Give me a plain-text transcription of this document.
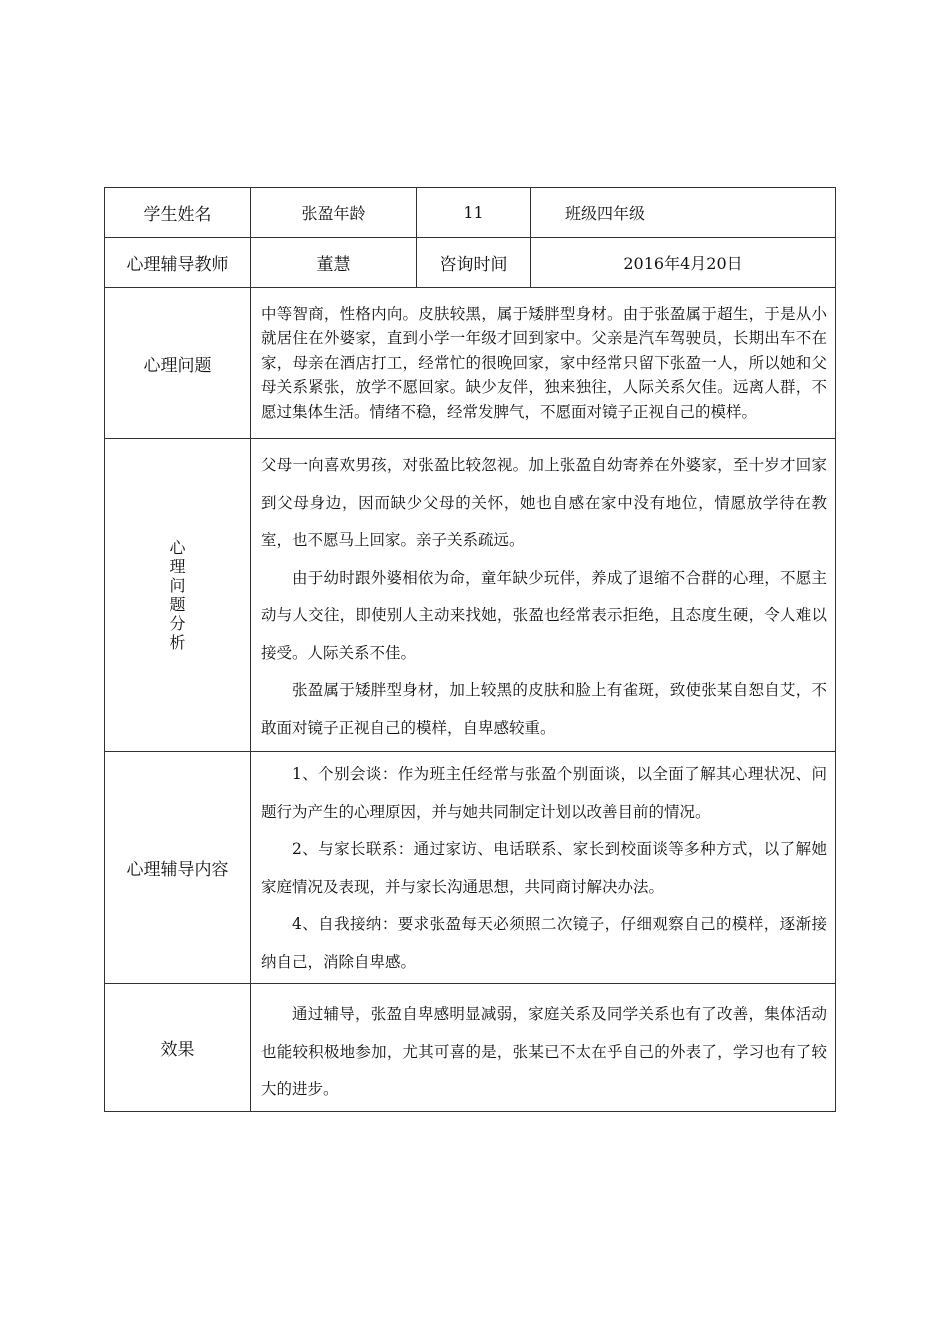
学生姓名	张盈年龄	11	班级四年级
心理辅导教师	董慧	咨询时间	2016年4月20日
心理问题	中等智商，性格内向。皮肤较黑，属于矮胖型身材。由于张盈属于超生，于是从小就居住在外婆家，直到小学一年级才回到家中。父亲是汽车驾驶员，长期出车不在家，母亲在酒店打工，经常忙的很晚回家，家中经常只留下张盈一人，所以她和父母关系紧张，放学不愿回家。缺少友伴，独来独往，人际关系欠佳。远离人群，不愿过集体生活。情绪不稳，经常发脾气，不愿面对镜子正视自己的模样。		
心理问题分析	父母一向喜欢男孩，对张盈比较忽视。加上张盈自幼寄养在外婆家，至十岁才回家到父母身边，因而缺少父母的关怀，她也自感在家中没有地位，情愿放学待在教室，也不愿马上回家。亲子关系疏远。

由于幼时跟外婆相依为命，童年缺少玩伴，养成了退缩不合群的心理，不愿主动与人交往，即使别人主动来找她，张盈也经常表示拒绝，且态度生硬，令人难以接受。人际关系不佳。

张盈属于矮胖型身材，加上较黑的皮肤和脸上有雀斑，致使张某自恕自艾，不敢面对镜子正视自己的模样，自卑感较重。		

心理辅导内容	1、个别会谈：作为班主任经常与张盈个别面谈，以全面了解其心理状况、问题行为产生的心理原因，并与她共同制定计划以改善目前的情况。

2、与家长联系：通过家访、电话联系、家长到校面谈等多种方式，以了解她家庭情况及表现，并与家长沟通思想，共同商讨解决办法。

4、自我接纳：要求张盈每天必须照二次镜子，仔细观察自己的模样，逐渐接纳自己，消除自卑感。		

效果	通过辅导，张盈自卑感明显减弱，家庭关系及同学关系也有了改善，集体活动也能较积极地参加，尤其可喜的是，张某已不太在乎自己的外表了，学习也有了较大的进步。		
